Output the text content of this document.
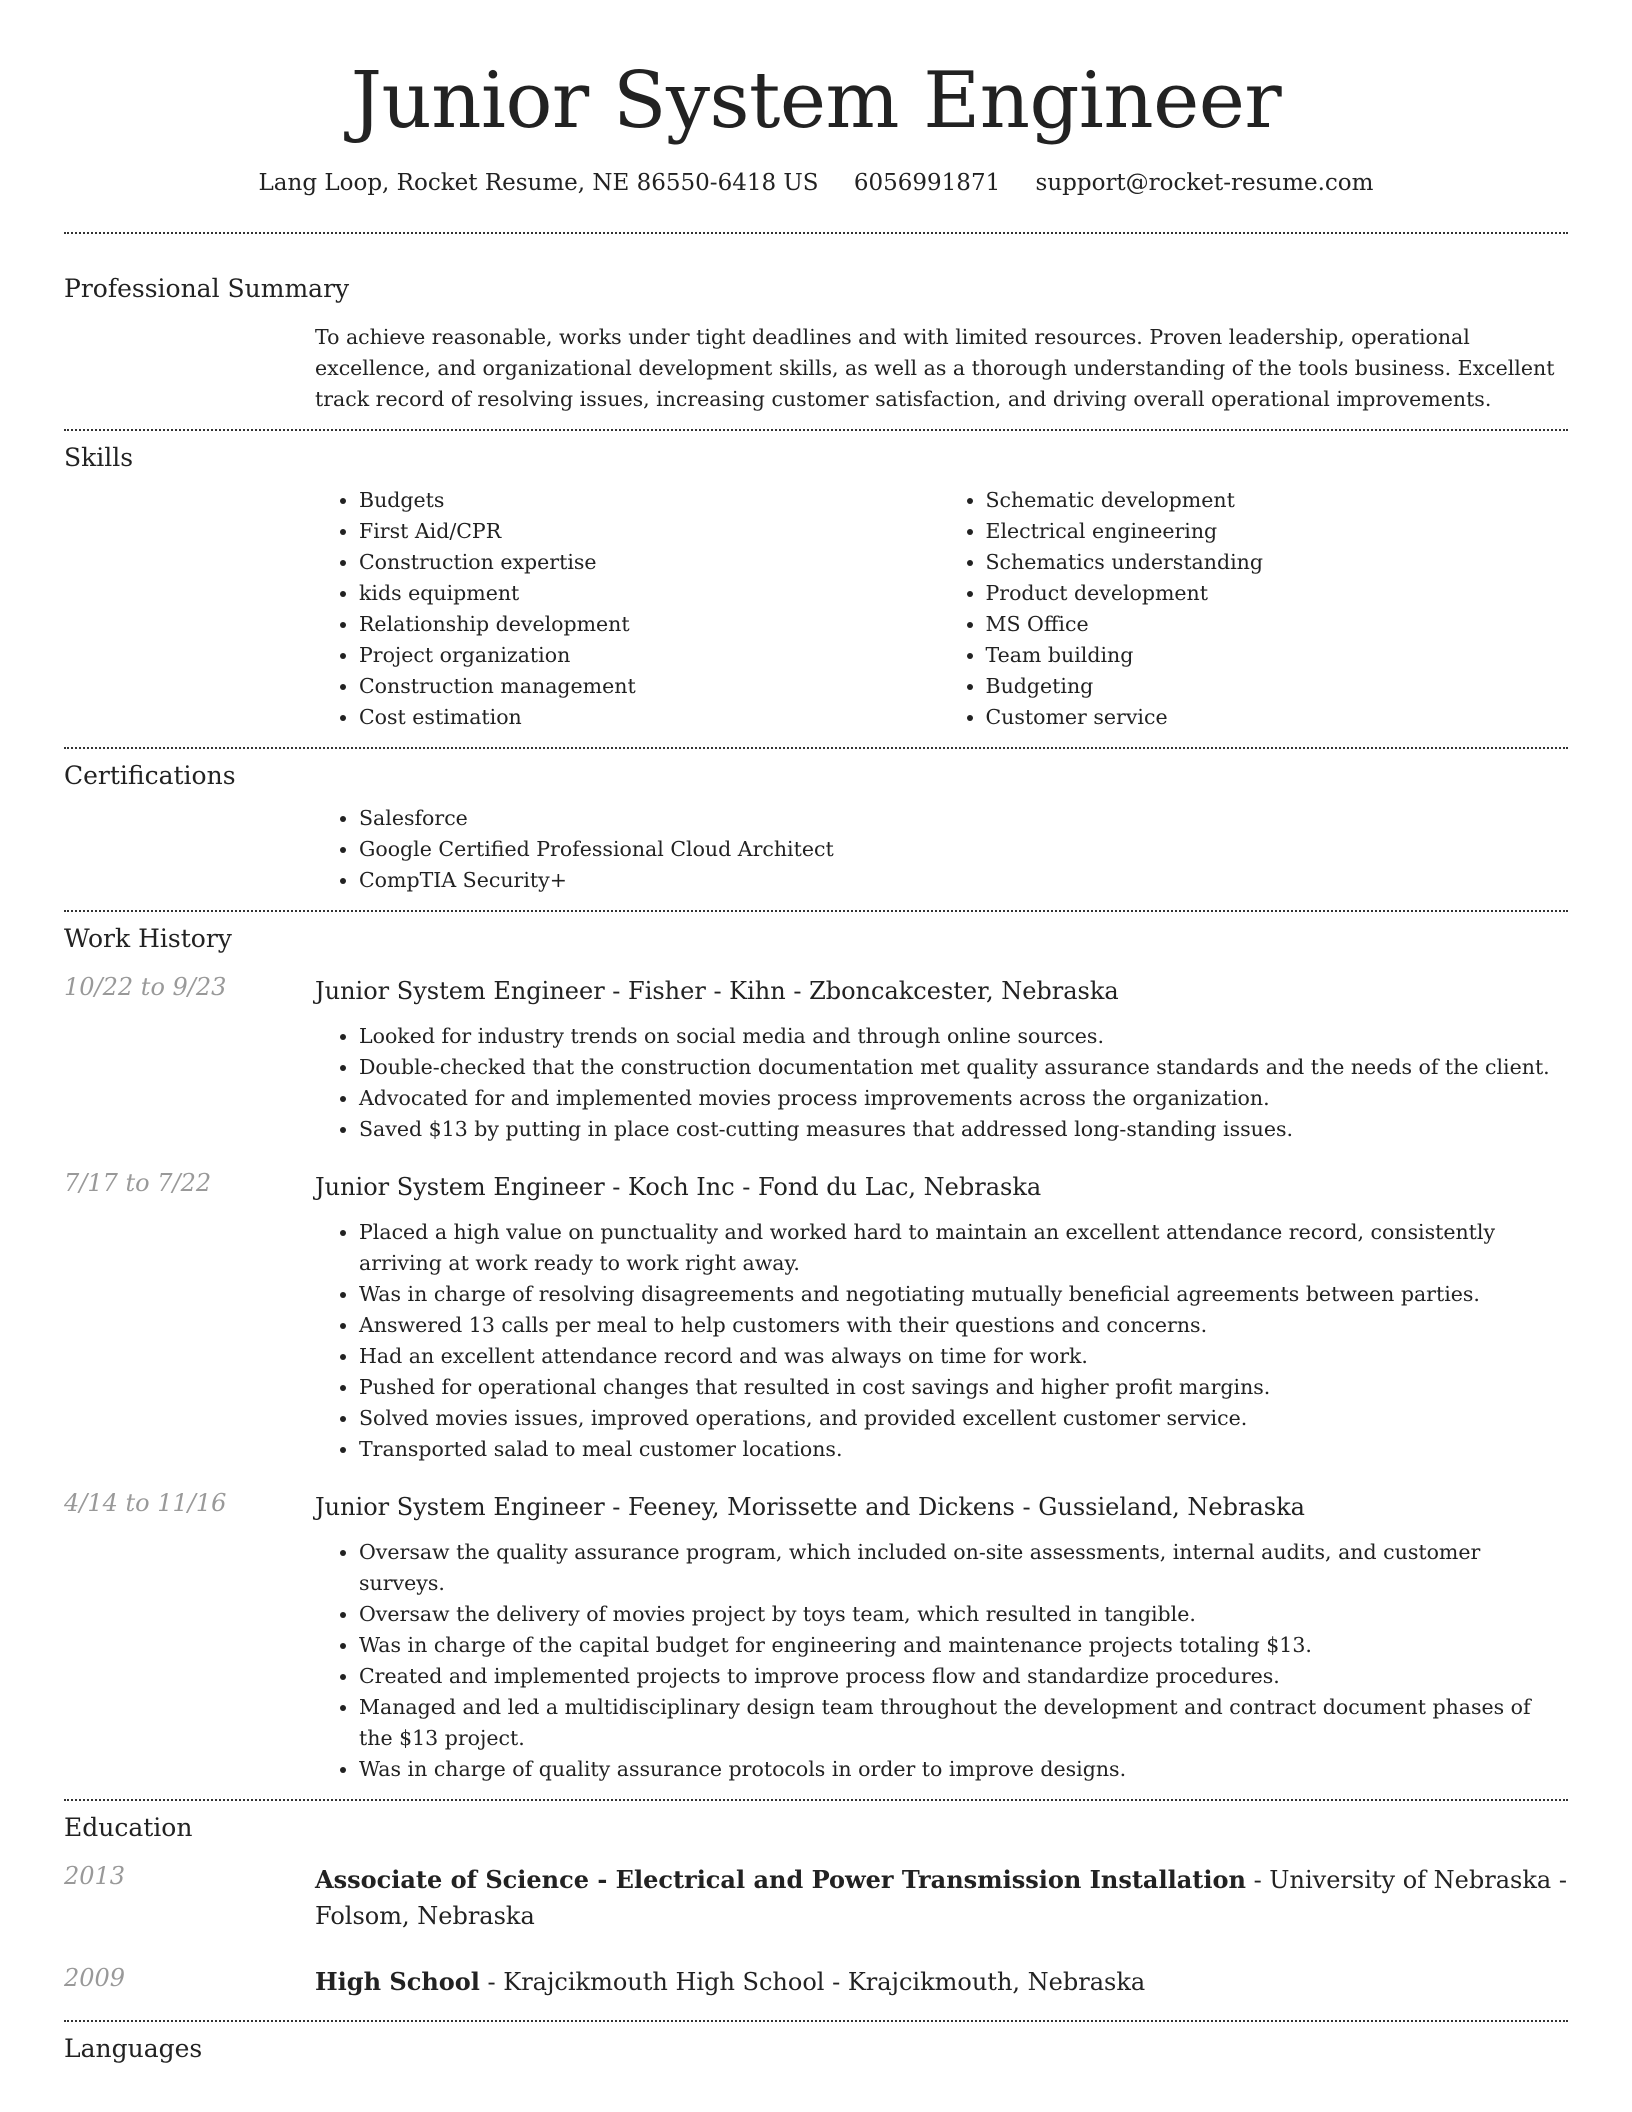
Junior System Engineer
Lang Loop, Rocket Resume, NE 86550-6418 US 6056991871 support@rocket-resume.com
Professional Summary
To achieve reasonable, works under tight deadlines and with limited resources. Proven leadership, operational excellence, and organizational development skills, as well as a thorough understanding of the tools business. Excellent track record of resolving issues, increasing customer satisfaction, and driving overall operational improvements.
Skills
• Budgets
• First Aid/CPR
• Construction expertise
• kids equipment
• Relationship development
• Project organization
• Construction management
• Cost estimation
• Schematic development
• Electrical engineering
• Schematics understanding
• Product development
• MS Office
• Team building
• Budgeting
• Customer service
Certifications
• Salesforce
• Google Certified Professional Cloud Architect
• CompTIA Security+
Work History
10/22 to 9/23	Junior System Engineer - Fisher - Kihn - Zboncakcester, Nebraska
• Looked for industry trends on social media and through online sources.
• Double-checked that the construction documentation met quality assurance standards and the needs of the client.
• Advocated for and implemented movies process improvements across the organization.
• Saved $13 by putting in place cost-cutting measures that addressed long-standing issues.
7/17 to 7/22	Junior System Engineer - Koch Inc - Fond du Lac, Nebraska
• Placed a high value on punctuality and worked hard to maintain an excellent attendance record, consistently arriving at work ready to work right away.
• Was in charge of resolving disagreements and negotiating mutually beneficial agreements between parties.
• Answered 13 calls per meal to help customers with their questions and concerns.
• Had an excellent attendance record and was always on time for work.
• Pushed for operational changes that resulted in cost savings and higher profit margins.
• Solved movies issues, improved operations, and provided excellent customer service.
• Transported salad to meal customer locations.
4/14 to 11/16	Junior System Engineer - Feeney, Morissette and Dickens - Gussieland, Nebraska
• Oversaw the quality assurance program, which included on-site assessments, internal audits, and customer surveys.
• Oversaw the delivery of movies project by toys team, which resulted in tangible.
• Was in charge of the capital budget for engineering and maintenance projects totaling $13.
• Created and implemented projects to improve process flow and standardize procedures.
• Managed and led a multidisciplinary design team throughout the development and contract document phases of the $13 project.
• Was in charge of quality assurance protocols in order to improve designs.
Education
2013	Associate of Science - Electrical and Power Transmission Installation - University of Nebraska - Folsom, Nebraska
2009	High School - Krajcikmouth High School - Krajcikmouth, Nebraska
Languages
